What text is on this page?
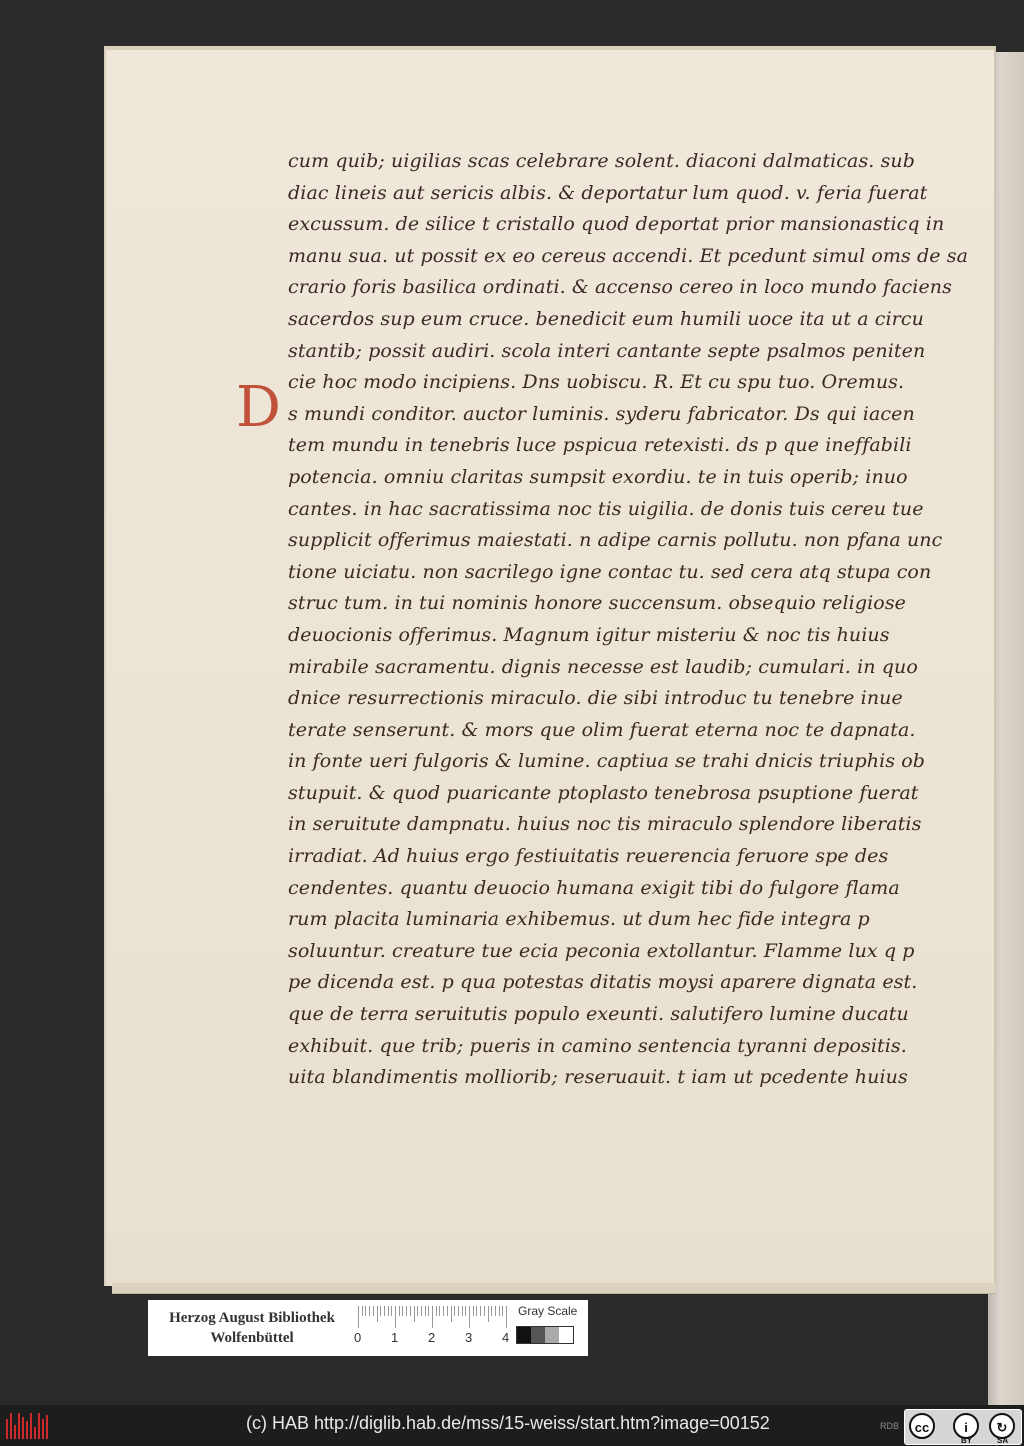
D
cum quib; uigilias scas celebrare solent. diaconi dalmaticas. sub
diac lineis aut sericis albis. & deportatur lum quod. v. feria fuerat
excussum. de silice t cristallo quod deportat prior mansionasticq in
manu sua. ut possit ex eo cereus accendi. Et pcedunt simul oms de sa
crario foris basilica ordinati. & accenso cereo in loco mundo faciens
sacerdos sup eum cruce. benedicit eum humili uoce ita ut a circu
stantib; possit audiri. scola interi cantante septe psalmos peniten
cie hoc modo incipiens. Dns uobiscu. R. Et cu spu tuo. Oremus.
s mundi conditor. auctor luminis. syderu fabricator. Ds qui iacen
tem mundu in tenebris luce pspicua retexisti. ds p que ineffabili
potencia. omniu claritas sumpsit exordiu. te in tuis operib; inuo
cantes. in hac sacratissima noc tis uigilia. de donis tuis cereu tue
supplicit offerimus maiestati. n adipe carnis pollutu. non pfana unc
tione uiciatu. non sacrilego igne contac tu. sed cera atq stupa con
struc tum. in tui nominis honore succensum. obsequio religiose
deuocionis offerimus. Magnum igitur misteriu & noc tis huius
mirabile sacramentu. dignis necesse est laudib; cumulari. in quo
dnice resurrectionis miraculo. die sibi introduc tu tenebre inue
terate senserunt. & mors que olim fuerat eterna noc te dapnata.
in fonte ueri fulgoris & lumine. captiua se trahi dnicis triuphis ob
stupuit. & quod puaricante ptoplasto tenebrosa psuptione fuerat
in seruitute dampnatu. huius noc tis miraculo splendore liberatis
irradiat. Ad huius ergo festiuitatis reuerencia feruore spe des
cendentes. quantu deuocio humana exigit tibi do fulgore flama
rum placita luminaria exhibemus. ut dum hec fide integra p
soluuntur. creature tue ecia peconia extollantur. Flamme lux q p
pe dicenda est. p qua potestas ditatis moysi aparere dignata est.
que de terra seruitutis populo exeunti. salutifero lumine ducatu
exhibuit. que trib; pueris in camino sentencia tyranni depositis.
uita blandimentis molliorib; reseruauit. t iam ut pcedente huius
Herzog August Bibliothek
Wolfenbüttel	0 1 2 3 4
Gray Scale
(c) HAB http://diglib.hab.de/mss/15-weiss/start.htm?image=00152	RDB	cc	i	↻
BY	SA
